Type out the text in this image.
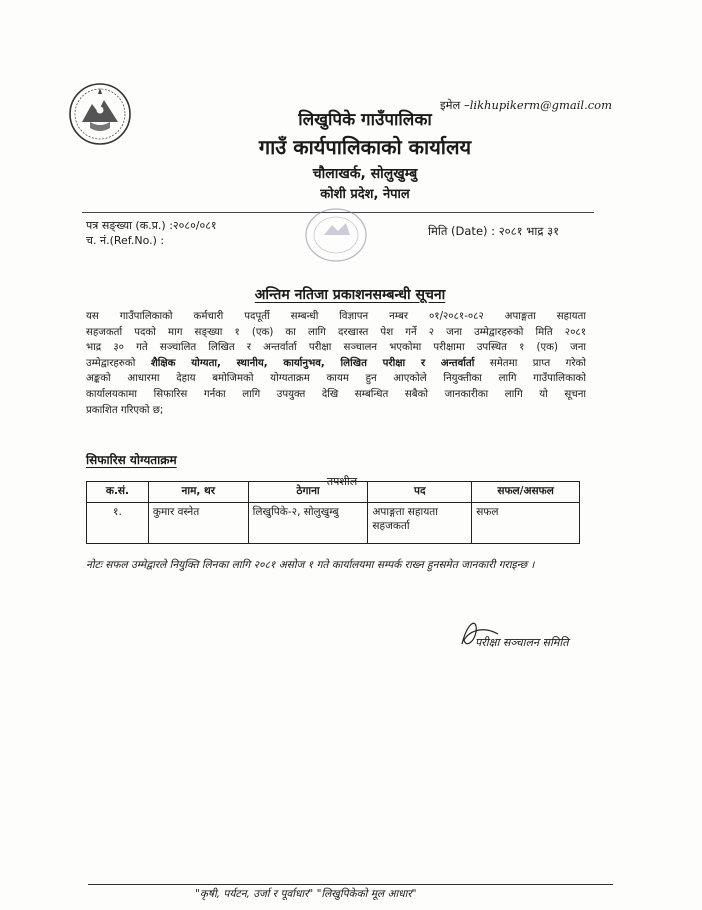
इमेल –likhupikerm@gmail.com
लिखुपिके गाउँपालिका
गाउँ कार्यपालिकाको कार्यालय
चौलाखर्क, सोलुखुम्बु
कोशी प्रदेश, नेपाल
पत्र सङ्ख्या (क.प्र.) :२०८०/०८१
च. नं.(Ref.No.) :
मिति (Date) : २०८१ भाद्र ३१
अन्तिम नतिजा प्रकाशनसम्बन्धी सूचना
यस गाउँपालिकाको कर्मचारी पदपूर्ती सम्बन्धी विज्ञापन नम्बर ०१/२०८१-०८२ अपाङ्गता सहायता
सहजकर्ता पदको माग सङ्ख्या १ (एक) का लागि दरखास्त पेश गर्ने २ जना उम्मेद्वारहरुको मिति २०८१
भाद्र ३० गते सञ्चालित लिखित र अन्तर्वार्ता परीक्षा सञ्चालन भएकोमा परीक्षामा उपस्थित १ (एक) जना
उम्मेद्वारहरुको शैक्षिक योग्यता, स्थानीय, कार्यानुभव, लिखित परीक्षा र अन्तर्वार्ता समेतमा प्राप्त गरेको
अङ्कको आधारमा देहाय बमोजिमको योग्यताक्रम कायम हुन आएकोले नियुक्तीका लागि गाउँपालिकाको
कार्यालयकामा सिफारिस गर्नका लागि उपयुक्त देखि सम्बन्धित सबैको जानकारीका लागि यो सूचना
प्रकाशित गरिएको छ;
सिफारिस योग्यताक्रम
तपशील
क.सं.	नाम, थर	ठेगाना	पद	सफल/असफल
१.	कुमार वस्नेत	लिखुपिके-२, सोलुखुम्बु	अपाङ्गता सहायता सहजकर्ता	सफल
नोटः सफल उम्मेद्वारले नियुक्ति लिनका लागि २०८१ असोज १ गते कार्यालयमा सम्पर्क राख्न हुनसमेत जानकारी गराइन्छ ।
परीक्षा सञ्चालन समिति
"कृषी, पर्यटन, उर्जा र पूर्वाधार" "लिखुपिकेको मूल आधार"
